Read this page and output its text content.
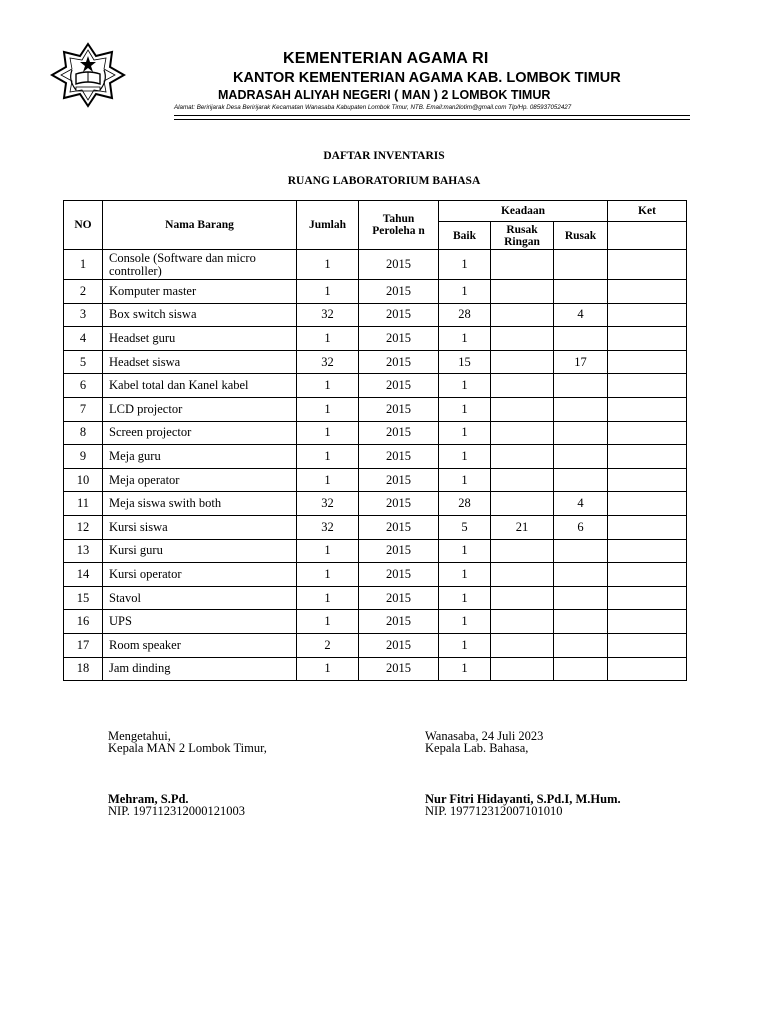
KEMENTERIAN AGAMA RI
KANTOR KEMENTERIAN AGAMA KAB. LOMBOK TIMUR
MADRASAH ALIYAH NEGERI ( MAN ) 2 LOMBOK TIMUR
Alamat: Beririjarak Desa Beririjarak Kecamatan Wanasaba Kabupaten Lombok Timur, NTB. Email:man2lotim@gmail.com Tlp/Hp. 085937052427
DAFTAR INVENTARIS
RUANG LABORATORIUM BAHASA
NO	Nama Barang	Jumlah	Tahun Peroleha n	Keadaan			Ket
				Baik	Rusak Ringan	Rusak	
1	Console (Software dan micro controller)	1	2015	1			
2	Komputer master	1	2015	1			
3	Box switch siswa	32	2015	28		4	
4	Headset guru	1	2015	1			
5	Headset siswa	32	2015	15		17	
6	Kabel total dan Kanel kabel	1	2015	1			
7	LCD projector	1	2015	1			
8	Screen projector	1	2015	1			
9	Meja guru	1	2015	1			
10	Meja operator	1	2015	1			
11	Meja siswa swith both	32	2015	28		4	
12	Kursi siswa	32	2015	5	21	6	
13	Kursi guru	1	2015	1			
14	Kursi operator	1	2015	1			
15	Stavol	1	2015	1			
16	UPS	1	2015	1			
17	Room speaker	2	2015	1			
18	Jam dinding	1	2015	1			
Mengetahui,
Kepala MAN 2 Lombok Timur,
Mehram, S.Pd.
NIP. 197112312000121003
Wanasaba, 24 Juli 2023
Kepala Lab. Bahasa,
Nur Fitri Hidayanti, S.Pd.I, M.Hum.
NIP. 197712312007101010
